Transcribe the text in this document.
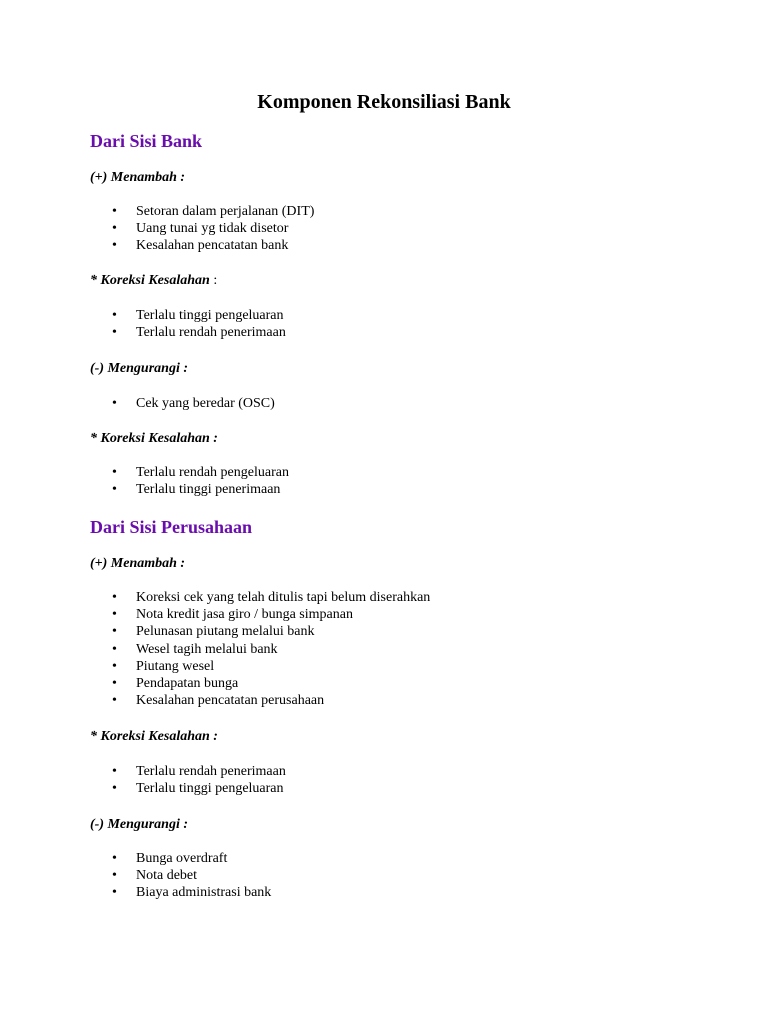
Komponen Rekonsiliasi Bank
Dari Sisi Bank
(+) Menambah :
• Setoran dalam perjalanan (DIT)
• Uang tunai yg tidak disetor
• Kesalahan pencatatan bank
* Koreksi Kesalahan :
• Terlalu tinggi pengeluaran
• Terlalu rendah penerimaan
(-) Mengurangi :
• Cek yang beredar (OSC)
* Koreksi Kesalahan :
• Terlalu rendah pengeluaran
• Terlalu tinggi penerimaan
Dari Sisi Perusahaan
(+) Menambah :
• Koreksi cek yang telah ditulis tapi belum diserahkan
• Nota kredit jasa giro / bunga simpanan
• Pelunasan piutang melalui bank
• Wesel tagih melalui bank
• Piutang wesel
• Pendapatan bunga
• Kesalahan pencatatan perusahaan
* Koreksi Kesalahan :
• Terlalu rendah penerimaan
• Terlalu tinggi pengeluaran
(-) Mengurangi :
• Bunga overdraft
• Nota debet
• Biaya administrasi bank
